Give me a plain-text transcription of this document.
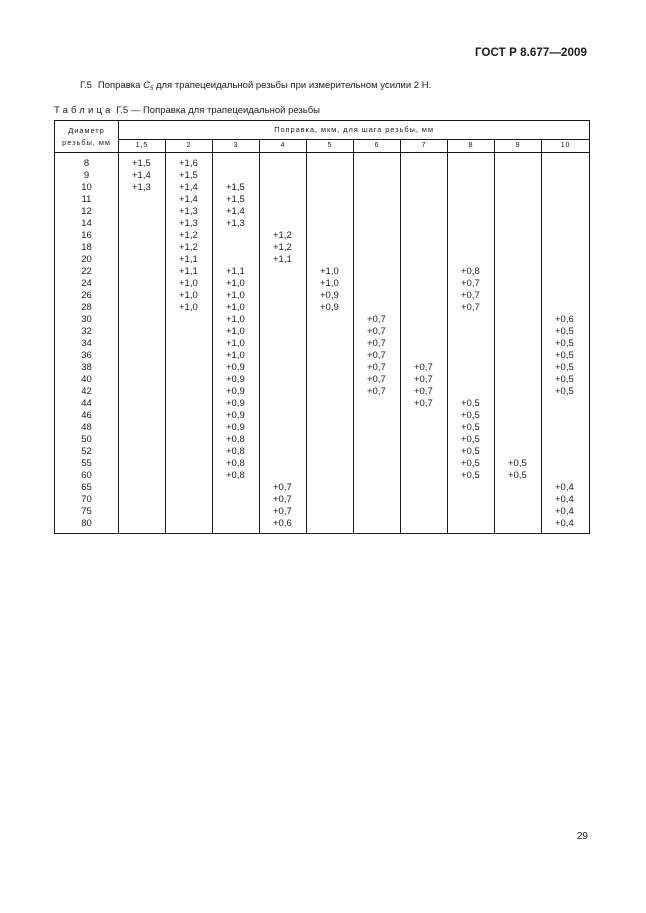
ГОСТ Р 8.677—2009
Г.5 Поправка $C_5$ для трапецеидальной резьбы при измерительном усилии 2 Н.
Таблица Г.5 — Поправка для трапецеидальной резьбы
Диаметр резьбы, мм	Поправка, мкм, для шага резьбы, мм									
	1,5	2	3	4	5	6	7	8	9	10
8	+1,5	+1,6								
9	+1,4	+1,5								
10	+1,3	+1,4	+1,5							
11		+1,4	+1,5							
12		+1,3	+1,4							
14		+1,3	+1,3							
16		+1,2		+1,2						
18		+1,2		+1,2						
20		+1,1		+1,1						
22		+1,1	+1,1		+1,0			+0,8		
24		+1,0	+1,0		+1,0			+0,7		
26		+1,0	+1,0		+0,9			+0,7		
28		+1,0	+1,0		+0,9			+0,7		
30			+1,0			+0,7				+0,6
32			+1,0			+0,7				+0,5
34			+1,0			+0,7				+0,5
36			+1,0			+0,7				+0,5
38			+0,9			+0,7	+0,7			+0,5
40			+0,9			+0,7	+0,7			+0,5
42			+0,9			+0,7	+0,7			+0,5
44			+0,9				+0,7	+0,5		
46			+0,9					+0,5		
48			+0,9					+0,5		
50			+0,8					+0,5		
52			+0,8					+0,5		
55			+0,8					+0,5	+0,5	
60			+0,8					+0,5	+0,5	
65				+0,7						+0,4
70				+0,7						+0,4
75				+0,7						+0,4
80				+0,6						+0,4
29
